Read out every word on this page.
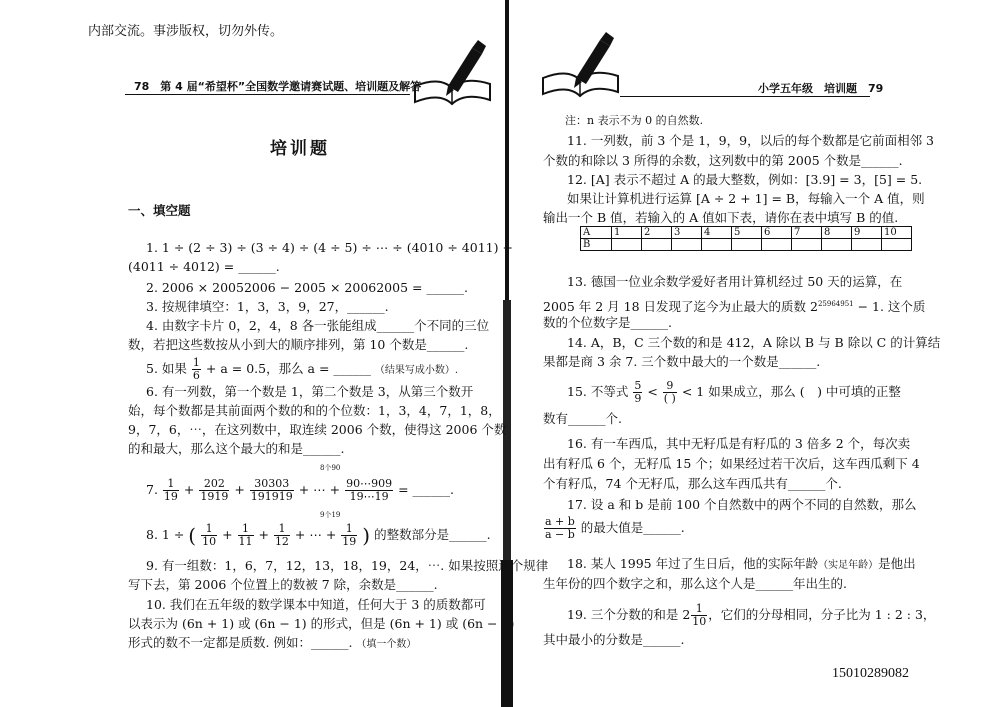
内部交流。事涉版权，切勿外传。
78　第 4 届“希望杯”全国数学邀请赛试题、培训题及解答
培训题
一、填空题
1. 1 ÷ (2 ÷ 3) ÷ (3 ÷ 4) ÷ (4 ÷ 5) ÷ ⋯ ÷ (4010 ÷ 4011) ÷
(4011 ÷ 4012) = ______.
2. 2006 × 20052006 − 2005 × 20062005 = ______.
3. 按规律填空：1，3，3，9，27，______.
4. 由数字卡片 0，2，4，8 各一张能组成______个不同的三位
数，若把这些数按从小到大的顺序排列，第 10 个数是______.
5. 如果 $\frac{1}{6} + a = 0.5$，那么 a = ______ （结果写成小数）.
6. 有一列数，第一个数是 1，第二个数是 3，从第三个数开
始，每个数都是其前面两个数的和的个位数：1，3，4，7，1，8，
9，7，6，⋯，在这列数中，取连续 2006 个数，使得这 2006 个数
的和最大，那么这个最大的和是______.
7. $\frac{1}{19} + \frac{202}{1919} + \frac{30303}{191919}$ + ⋯ + $\frac{90\cdots 909}{19\cdots 19}$ = ______.
8个90
9个19
8. 1 ÷ ( $\frac{1}{10} + \frac{1}{11} + \frac{1}{12}$ + ⋯ + $\frac{1}{19}$ ) 的整数部分是______.
9. 有一组数：1，6，7，12，13，18，19，24，⋯. 如果按照这个规律
写下去，第 2006 个位置上的数被 7 除，余数是______.
10. 我们在五年级的数学课本中知道，任何大于 3 的质数都可
以表示为 (6n + 1) 或 (6n − 1) 的形式，但是 (6n + 1) 或 (6n − 1)
形式的数不一定都是质数. 例如：______. （填一个数）
小学五年级　培训题　79
注：n 表示不为 0 的自然数.
11. 一列数，前 3 个是 1，9，9，以后的每个数都是它前面相邻 3
个数的和除以 3 所得的余数，这列数中的第 2005 个数是______.
12. [A] 表示不超过 A 的最大整数，例如：[3.9] = 3，[5] = 5.
如果让计算机进行运算 [A ÷ 2 + 1] = B，每输入一个 A 值，则
输出一个 B 值，若输入的 A 值如下表，请你在表中填写 B 的值.
A	1	2	3	4	5	6	7	8	9	10
B										
13. 德国一位业余数学爱好者用计算机经过 50 天的运算，在
2005 年 2 月 18 日发现了迄今为止最大的质数 $2^{25964951} - 1$. 这个质
数的个位数字是______.
14. A，B，C 三个数的和是 412，A 除以 B 与 B 除以 C 的计算结
果都是商 3 余 7. 三个数中最大的一个数是______.
15. 不等式 $\frac{5}{9} < \frac{9}{( )} < 1$ 如果成立，那么 (　) 中可填的正整
数有______个.
16. 有一车西瓜，其中无籽瓜是有籽瓜的 3 倍多 2 个，每次卖
出有籽瓜 6 个，无籽瓜 15 个；如果经过若干次后，这车西瓜剩下 4
个有籽瓜，74 个无籽瓜，那么这车西瓜共有______个.
17. 设 a 和 b 是前 100 个自然数中的两个不同的自然数，那么
$\frac{a + b}{a - b}$ 的最大值是______.
18. 某人 1995 年过了生日后，他的实际年龄（实足年龄）是他出
生年份的四个数字之和，那么这个人是______年出生的.
19. 三个分数的和是 $2 \frac{1}{10}$ ，它们的分母相同，分子比为 1 : 2 : 3，
其中最小的分数是______.
15010289082
